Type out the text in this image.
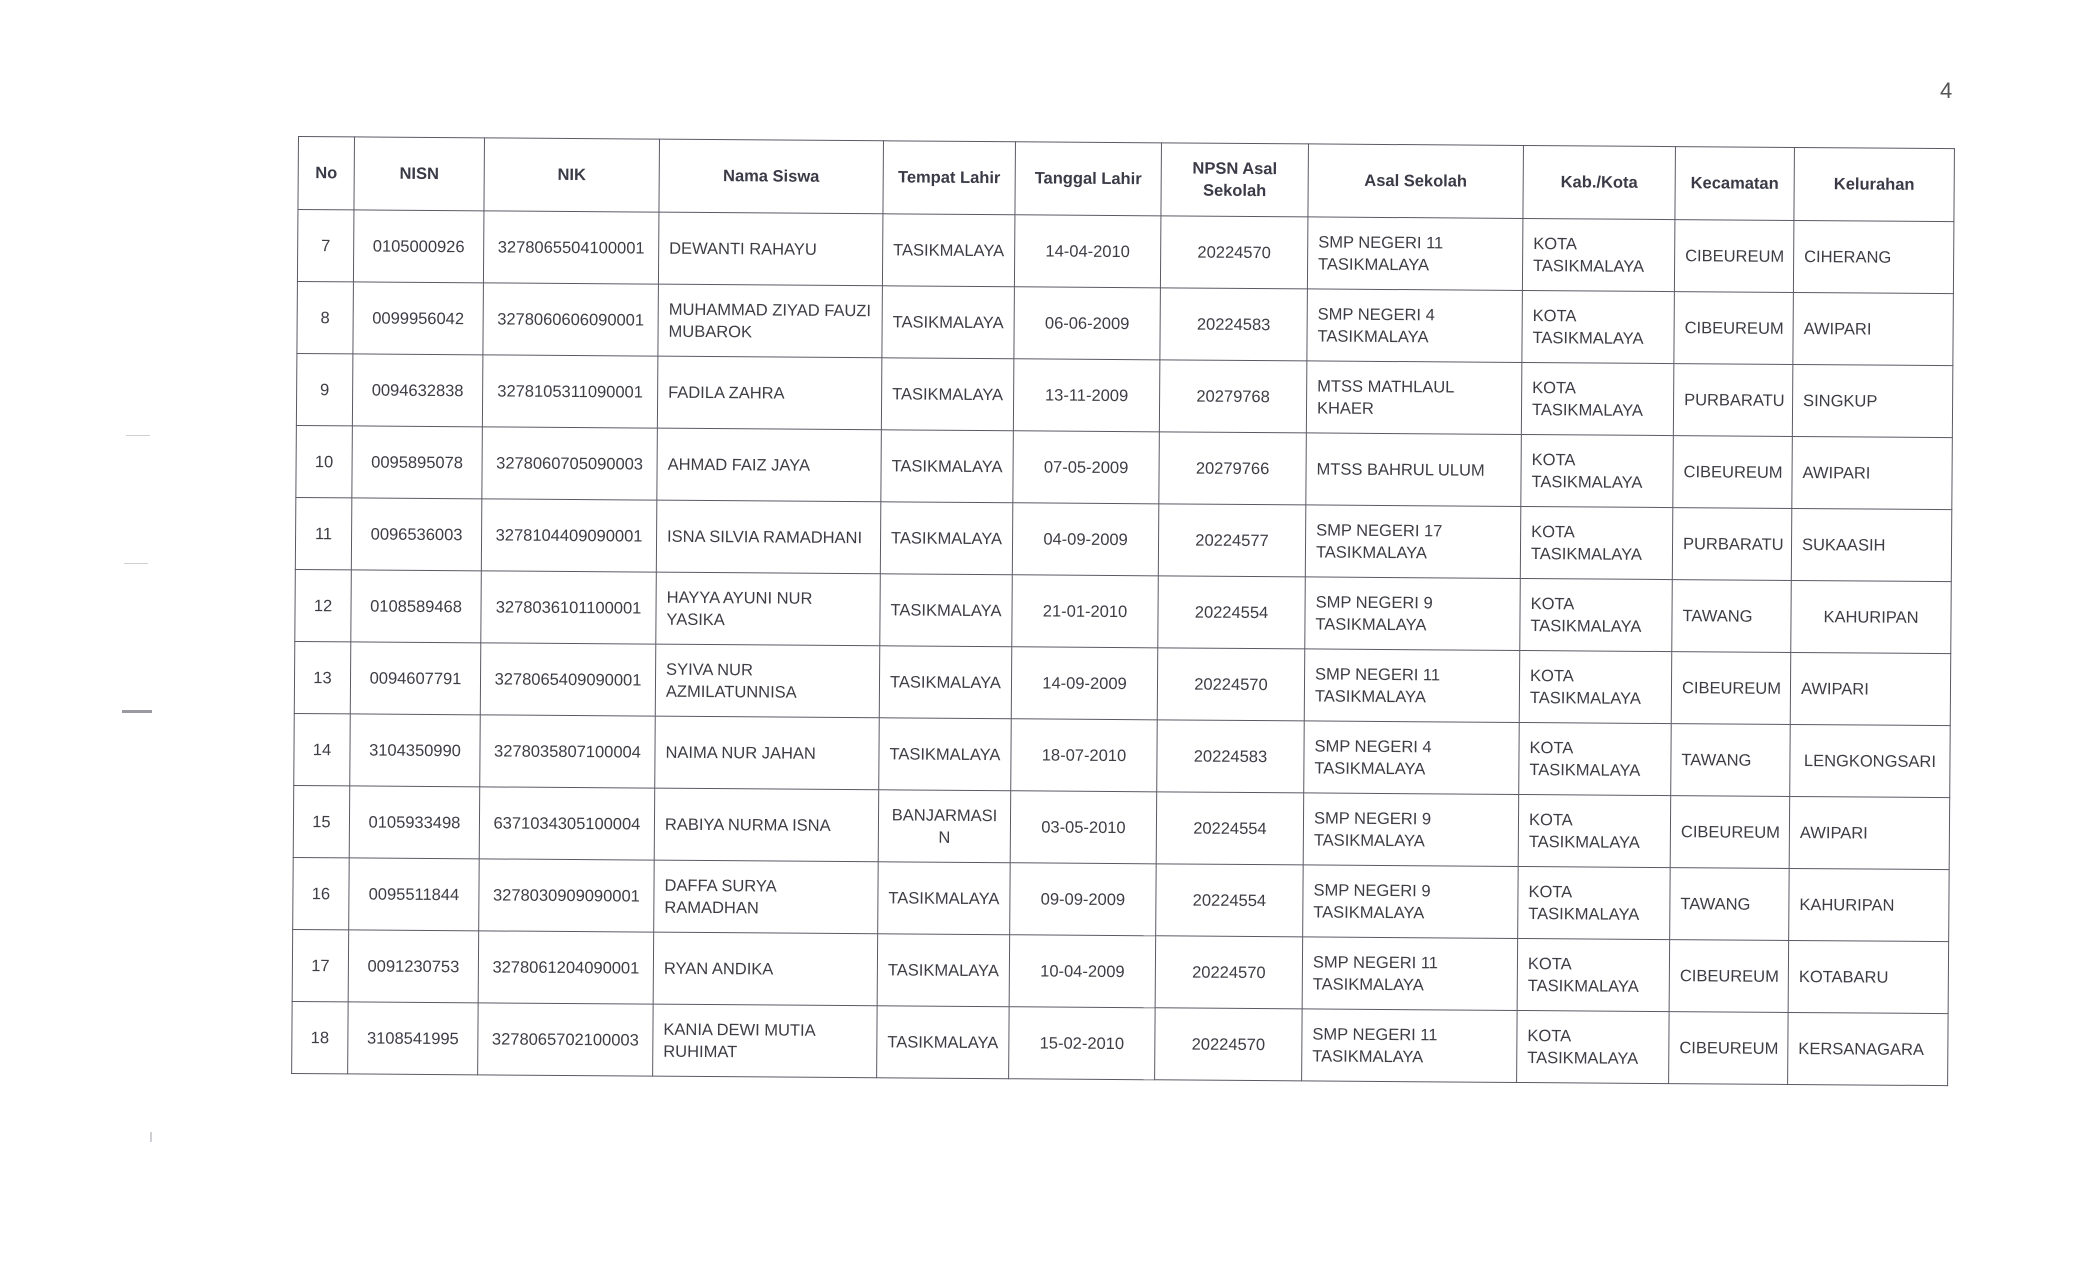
4
No	NISN	NIK	Nama Siswa	Tempat Lahir	Tanggal Lahir	NPSN Asal Sekolah	Asal Sekolah	Kab./Kota	Kecamatan	Kelurahan
7	0105000926	3278065504100001	DEWANTI RAHAYU	TASIKMALAYA	14-04-2010	20224570	SMP NEGERI 11 TASIKMALAYA	KOTA TASIKMALAYA	CIBEUREUM	CIHERANG
8	0099956042	3278060606090001	MUHAMMAD ZIYAD FAUZI MUBAROK	TASIKMALAYA	06-06-2009	20224583	SMP NEGERI 4 TASIKMALAYA	KOTA TASIKMALAYA	CIBEUREUM	AWIPARI
9	0094632838	3278105311090001	FADILA ZAHRA	TASIKMALAYA	13-11-2009	20279768	MTSS MATHLAUL KHAER	KOTA TASIKMALAYA	PURBARATU	SINGKUP
10	0095895078	3278060705090003	AHMAD FAIZ JAYA	TASIKMALAYA	07-05-2009	20279766	MTSS BAHRUL ULUM	KOTA TASIKMALAYA	CIBEUREUM	AWIPARI
11	0096536003	3278104409090001	ISNA SILVIA RAMADHANI	TASIKMALAYA	04-09-2009	20224577	SMP NEGERI 17 TASIKMALAYA	KOTA TASIKMALAYA	PURBARATU	SUKAASIH
12	0108589468	3278036101100001	HAYYA AYUNI NUR YASIKA	TASIKMALAYA	21-01-2010	20224554	SMP NEGERI 9 TASIKMALAYA	KOTA TASIKMALAYA	TAWANG	KAHURIPAN
13	0094607791	3278065409090001	SYIVA NUR AZMILATUNNISA	TASIKMALAYA	14-09-2009	20224570	SMP NEGERI 11 TASIKMALAYA	KOTA TASIKMALAYA	CIBEUREUM	AWIPARI
14	3104350990	3278035807100004	NAIMA NUR JAHAN	TASIKMALAYA	18-07-2010	20224583	SMP NEGERI 4 TASIKMALAYA	KOTA TASIKMALAYA	TAWANG	LENGKONGSARI
15	0105933498	6371034305100004	RABIYA NURMA ISNA	BANJARMASI N	03-05-2010	20224554	SMP NEGERI 9 TASIKMALAYA	KOTA TASIKMALAYA	CIBEUREUM	AWIPARI
16	0095511844	3278030909090001	DAFFA SURYA RAMADHAN	TASIKMALAYA	09-09-2009	20224554	SMP NEGERI 9 TASIKMALAYA	KOTA TASIKMALAYA	TAWANG	KAHURIPAN
17	0091230753	3278061204090001	RYAN ANDIKA	TASIKMALAYA	10-04-2009	20224570	SMP NEGERI 11 TASIKMALAYA	KOTA TASIKMALAYA	CIBEUREUM	KOTABARU
18	3108541995	3278065702100003	KANIA DEWI MUTIA RUHIMAT	TASIKMALAYA	15-02-2010	20224570	SMP NEGERI 11 TASIKMALAYA	KOTA TASIKMALAYA	CIBEUREUM	KERSANAGARA
